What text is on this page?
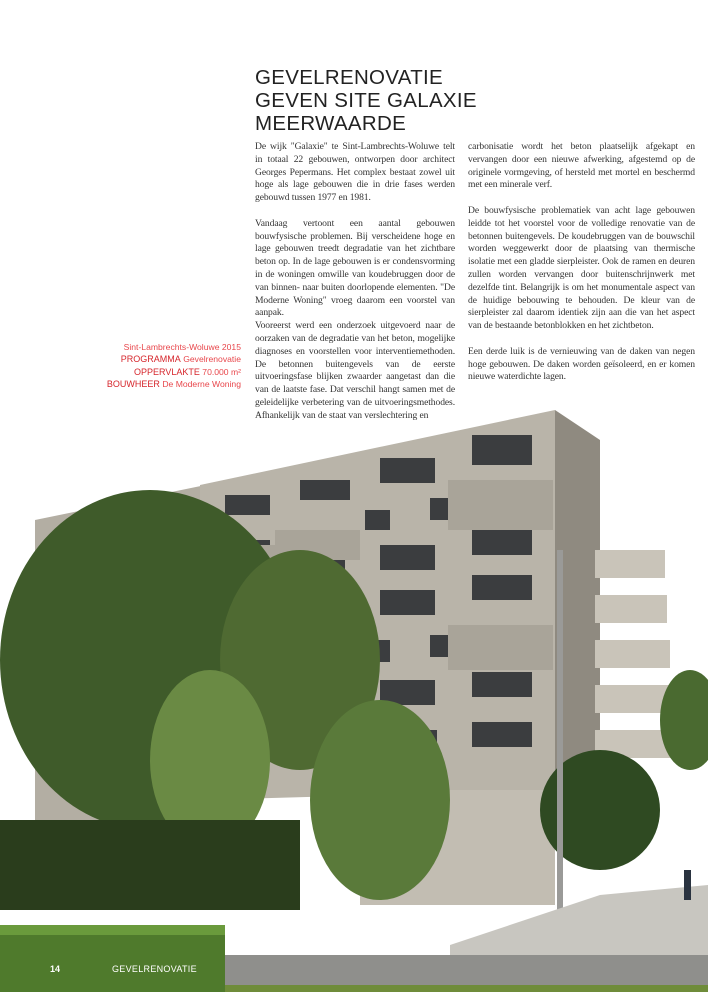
GEVELRENOVATIE
GEVEN SITE GALAXIE
MEERWAARDE

De wijk "Galaxie" te Sint-Lambrechts-Woluwe telt in totaal 22 gebouwen, ontworpen door architect Georges Pepermans. Het complex bestaat zowel uit hoge als lage gebouwen die in drie fases werden gebouwd tussen 1977 en 1981.

Vandaag vertoont een aantal gebouwen bouwfysische problemen. Bij verscheidene hoge en lage gebouwen treedt degradatie van het zichtbare beton op. In de lage gebouwen is er condensvorming in de woningen omwille van koudebruggen door de van binnen- naar buiten doorlopende elementen. "De Moderne Woning" vroeg daarom een voorstel van aanpak.

Vooreerst werd een onderzoek uitgevoerd naar de oorzaken van de degradatie van het beton, mogelijke diagnoses en voorstellen voor interventiemethoden. De betonnen buitengevels van de eerste uitvoeringsfase blijken zwaarder aangetast dan die van de laatste fase. Dat verschil hangt samen met de geleidelijke verbetering van de uitvoeringsmethodes. Afhankelijk van de staat van verslechtering en

carbonisatie wordt het beton plaatselijk afgekapt en vervangen door een nieuwe afwerking, afgestemd op de originele vormgeving, of hersteld met mortel en beschermd met een minerale verf.

De bouwfysische problematiek van acht lage gebouwen leidde tot het voorstel voor de volledige renovatie van de betonnen buitengevels. De koudebruggen van de bouwschil worden weggewerkt door de plaatsing van thermische isolatie met een gladde sierpleister. Ook de ramen en deuren zullen worden vervangen door buitenschrijnwerk met dezelfde tint. Belangrijk is om het monumentale aspect van de huidige bebouwing te behouden. De kleur van de sierpleister zal daarom identiek zijn aan die van het aspect van de bestaande betonblokken en het zichtbeton.

Een derde luik is de vernieuwing van de daken van negen hoge gebouwen. De daken worden geïsoleerd, en er komen nieuwe waterdichte lagen.

Sint-Lambrechts-Woluwe 2015
PROGRAMMA Gevelrenovatie
OPPERVLAKTE 70.000 m²
BOUWHEER De Moderne Woning
14	GEVELRENOVATIE
